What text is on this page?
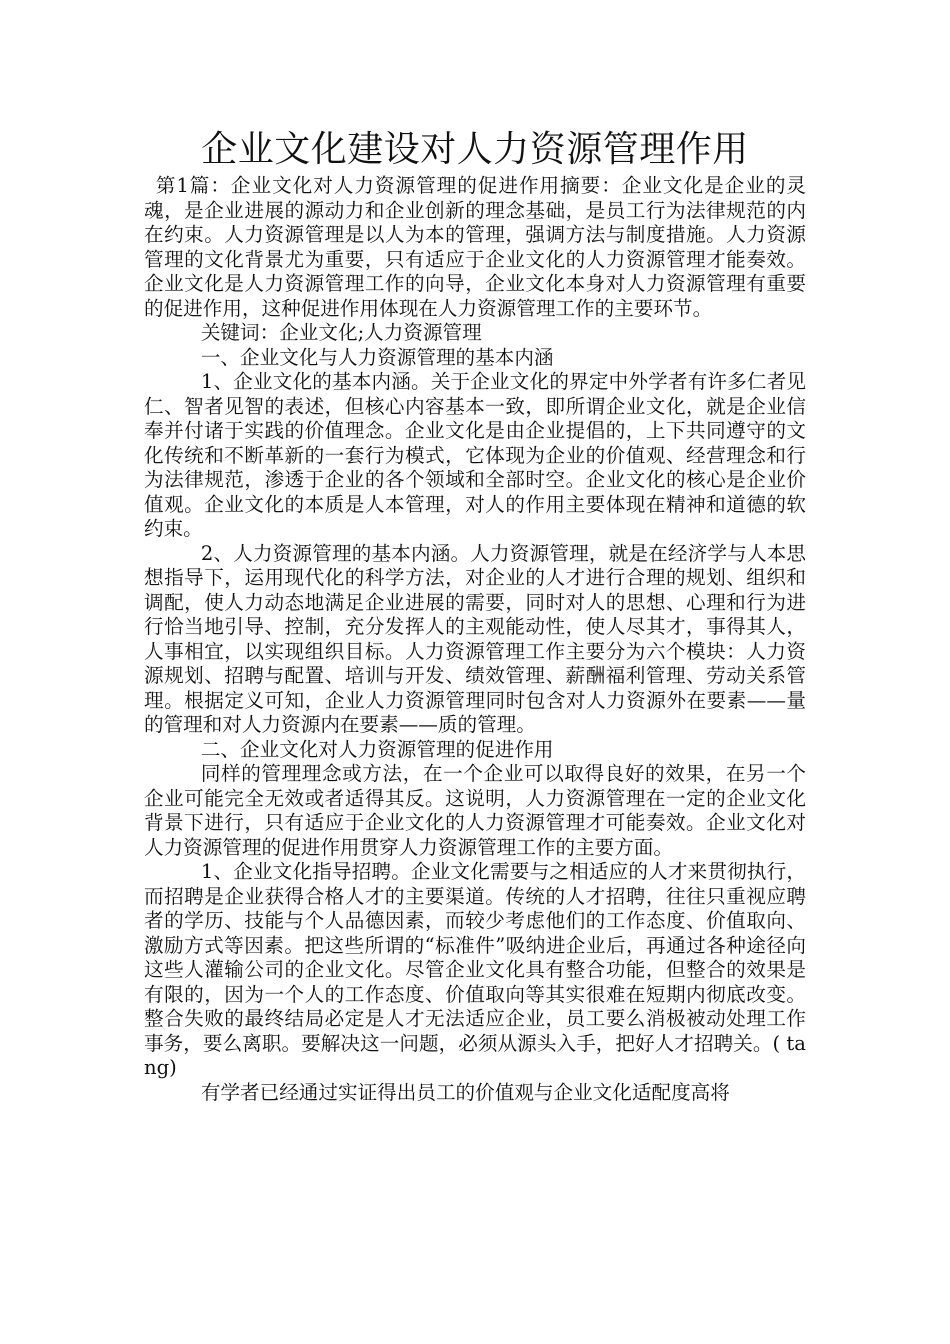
企业文化建设对人力资源管理作用

第1篇：企业文化对人力资源管理的促进作用摘要：企业文化是企业的灵魂，是企业进展的源动力和企业创新的理念基础，是员工行为法律规范的内在约束。人力资源管理是以人为本的管理，强调方法与制度措施。人力资源管理的文化背景尤为重要，只有适应于企业文化的人力资源管理才能奏效。企业文化是人力资源管理工作的向导，企业文化本身对人力资源管理有重要的促进作用，这种促进作用体现在人力资源管理工作的主要环节。

关键词：企业文化;人力资源管理

一、企业文化与人力资源管理的基本内涵

1、企业文化的基本内涵。关于企业文化的界定中外学者有许多仁者见仁、智者见智的表述，但核心内容基本一致，即所谓企业文化，就是企业信奉并付诸于实践的价值理念。企业文化是由企业提倡的，上下共同遵守的文化传统和不断革新的一套行为模式，它体现为企业的价值观、经营理念和行为法律规范，渗透于企业的各个领域和全部时空。企业文化的核心是企业价值观。企业文化的本质是人本管理，对人的作用主要体现在精神和道德的软约束。

2、人力资源管理的基本内涵。人力资源管理，就是在经济学与人本思想指导下，运用现代化的科学方法，对企业的人才进行合理的规划、组织和调配，使人力动态地满足企业进展的需要，同时对人的思想、心理和行为进行恰当地引导、控制，充分发挥人的主观能动性，使人尽其才，事得其人，人事相宜，以实现组织目标。人力资源管理工作主要分为六个模块：人力资源规划、招聘与配置、培训与开发、绩效管理、薪酬福利管理、劳动关系管理。根据定义可知，企业人力资源管理同时包含对人力资源外在要素——量的管理和对人力资源内在要素——质的管理。

二、企业文化对人力资源管理的促进作用

同样的管理理念或方法，在一个企业可以取得良好的效果，在另一个企业可能完全无效或者适得其反。这说明，人力资源管理在一定的企业文化背景下进行，只有适应于企业文化的人力资源管理才可能奏效。企业文化对人力资源管理的促进作用贯穿人力资源管理工作的主要方面。

1、企业文化指导招聘。企业文化需要与之相适应的人才来贯彻执行，而招聘是企业获得合格人才的主要渠道。传统的人才招聘，往往只重视应聘者的学历、技能与个人品德因素，而较少考虑他们的工作态度、价值取向、激励方式等因素。把这些所谓的“标准件”吸纳进企业后，再通过各种途径向这些人灌输公司的企业文化。尽管企业文化具有整合功能，但整合的效果是有限的，因为一个人的工作态度、价值取向等其实很难在短期内彻底改变。整合失败的最终结局必定是人才无法适应企业，员工要么消极被动处理工作事务，要么离职。要解决这一问题，必须从源头入手，把好人才招聘关。( tang)

有学者已经通过实证得出员工的价值观与企业文化适配度高将
